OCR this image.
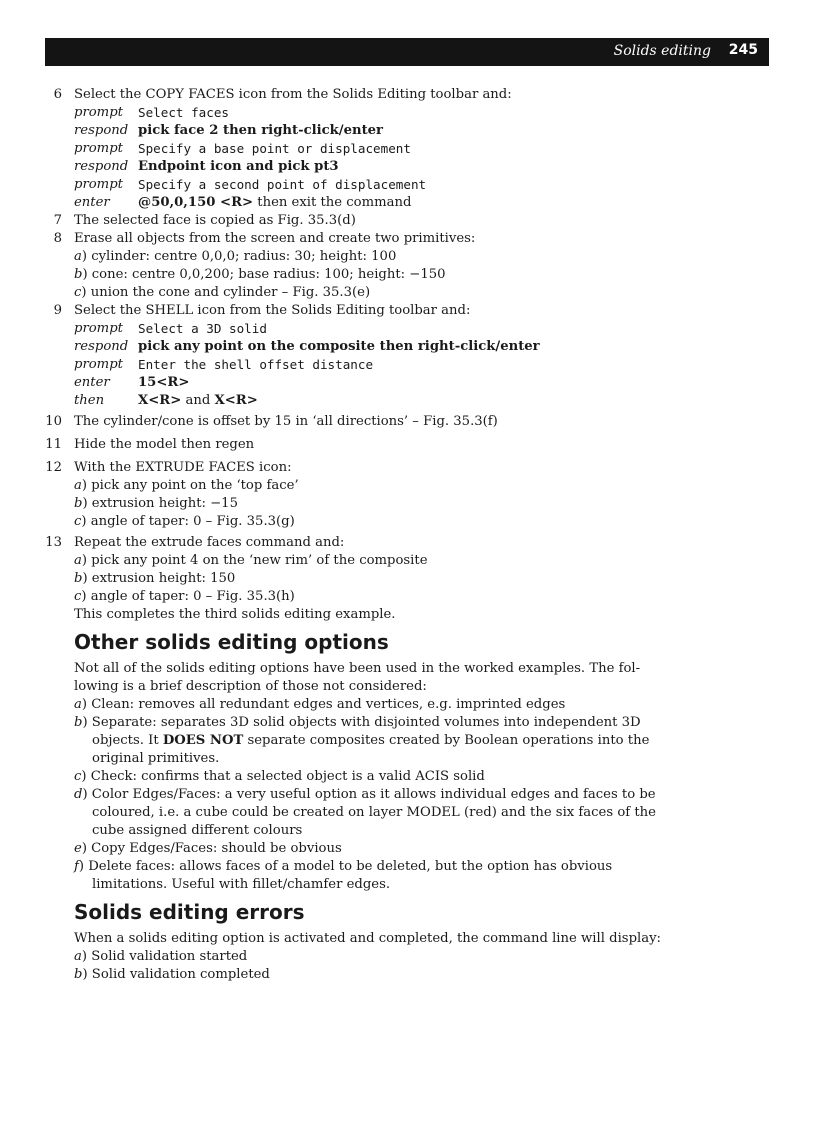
Solids editing 245
6 Select the COPY FACES icon from the Solids Editing toolbar and:
prompt Select faces
respond pick face 2 then right-click/enter
prompt Specify a base point or displacement
respond Endpoint icon and pick pt3
prompt Specify a second point of displacement
enter @50,0,150 <R> then exit the command
7 The selected face is copied as Fig. 35.3(d)
8 Erase all objects from the screen and create two primitives:
a) cylinder: centre 0,0,0; radius: 30; height: 100
b) cone: centre 0,0,200; base radius: 100; height: −150
c) union the cone and cylinder – Fig. 35.3(e)
9 Select the SHELL icon from the Solids Editing toolbar and:
prompt Select a 3D solid
respond pick any point on the composite then right-click/enter
prompt Enter the shell offset distance
enter 15<R>
then	X<R> and X<R>
10 The cylinder/cone is offset by 15 in ‘all directions’ – Fig. 35.3(f)
11 Hide the model then regen
12 With the EXTRUDE FACES icon:
a) pick any point on the ‘top face’
b) extrusion height: −15
c) angle of taper: 0 – Fig. 35.3(g)
13 Repeat the extrude faces command and:
a) pick any point 4 on the ‘new rim’ of the composite
b) extrusion height: 150
c) angle of taper: 0 – Fig. 35.3(h)
This completes the third solids editing example.
Other solids editing options
Not all of the solids editing options have been used in the worked examples. The fol-
lowing is a brief description of those not considered:
a) Clean: removes all redundant edges and vertices, e.g. imprinted edges
b) Separate: separates 3D solid objects with disjointed volumes into independent 3D
objects. It DOES NOT separate composites created by Boolean operations into the
original primitives.
c) Check: confirms that a selected object is a valid ACIS solid
d) Color Edges/Faces: a very useful option as it allows individual edges and faces to be
coloured, i.e. a cube could be created on layer MODEL (red) and the six faces of the
cube assigned different colours
e) Copy Edges/Faces: should be obvious
f) Delete faces: allows faces of a model to be deleted, but the option has obvious
limitations. Useful with fillet/chamfer edges.
Solids editing errors
When a solids editing option is activated and completed, the command line will display:
a) Solid validation started
b) Solid validation completed
